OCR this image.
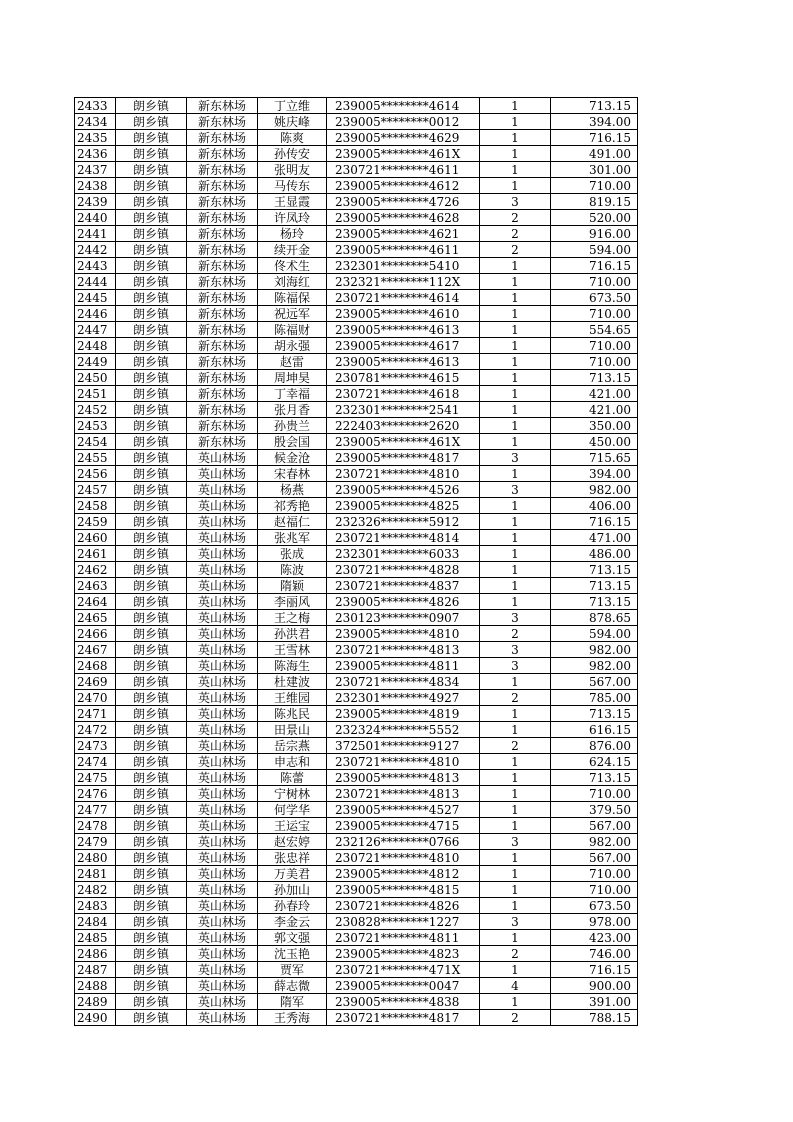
2433	朗乡镇	新东林场	丁立维	239005********4614	1	713.15
2434	朗乡镇	新东林场	姚庆峰	239005********0012	1	394.00
2435	朗乡镇	新东林场	陈爽	239005********4629	1	716.15
2436	朗乡镇	新东林场	孙传安	239005********461X	1	491.00
2437	朗乡镇	新东林场	张明友	230721********4611	1	301.00
2438	朗乡镇	新东林场	马传东	239005********4612	1	710.00
2439	朗乡镇	新东林场	王显霞	239005********4726	3	819.15
2440	朗乡镇	新东林场	许凤玲	239005********4628	2	520.00
2441	朗乡镇	新东林场	杨玲	239005********4621	2	916.00
2442	朗乡镇	新东林场	续开金	239005********4611	2	594.00
2443	朗乡镇	新东林场	佟术生	232301********5410	1	716.15
2444	朗乡镇	新东林场	刘海红	232321********112X	1	710.00
2445	朗乡镇	新东林场	陈福保	230721********4614	1	673.50
2446	朗乡镇	新东林场	祝远军	239005********4610	1	710.00
2447	朗乡镇	新东林场	陈福财	239005********4613	1	554.65
2448	朗乡镇	新东林场	胡永强	239005********4617	1	710.00
2449	朗乡镇	新东林场	赵雷	239005********4613	1	710.00
2450	朗乡镇	新东林场	周坤昊	230781********4615	1	713.15
2451	朗乡镇	新东林场	丁幸福	230721********4618	1	421.00
2452	朗乡镇	新东林场	张月香	232301********2541	1	421.00
2453	朗乡镇	新东林场	孙贵兰	222403********2620	1	350.00
2454	朗乡镇	新东林场	殷会国	239005********461X	1	450.00
2455	朗乡镇	英山林场	候金沧	239005********4817	3	715.65
2456	朗乡镇	英山林场	宋春林	230721********4810	1	394.00
2457	朗乡镇	英山林场	杨燕	239005********4526	3	982.00
2458	朗乡镇	英山林场	祁秀艳	239005********4825	1	406.00
2459	朗乡镇	英山林场	赵福仁	232326********5912	1	716.15
2460	朗乡镇	英山林场	张兆军	230721********4814	1	471.00
2461	朗乡镇	英山林场	张成	232301********6033	1	486.00
2462	朗乡镇	英山林场	陈波	230721********4828	1	713.15
2463	朗乡镇	英山林场	隋颖	230721********4837	1	713.15
2464	朗乡镇	英山林场	李丽风	239005********4826	1	713.15
2465	朗乡镇	英山林场	王之梅	230123********0907	3	878.65
2466	朗乡镇	英山林场	孙洪君	239005********4810	2	594.00
2467	朗乡镇	英山林场	王雪林	230721********4813	3	982.00
2468	朗乡镇	英山林场	陈海生	239005********4811	3	982.00
2469	朗乡镇	英山林场	杜建波	230721********4834	1	567.00
2470	朗乡镇	英山林场	王维园	232301********4927	2	785.00
2471	朗乡镇	英山林场	陈兆民	239005********4819	1	713.15
2472	朗乡镇	英山林场	田景山	232324********5552	1	616.15
2473	朗乡镇	英山林场	岳宗燕	372501********9127	2	876.00
2474	朗乡镇	英山林场	申志和	230721********4810	1	624.15
2475	朗乡镇	英山林场	陈蕾	239005********4813	1	713.15
2476	朗乡镇	英山林场	宁树林	230721********4813	1	710.00
2477	朗乡镇	英山林场	何学华	239005********4527	1	379.50
2478	朗乡镇	英山林场	王运宝	239005********4715	1	567.00
2479	朗乡镇	英山林场	赵宏婷	232126********0766	3	982.00
2480	朗乡镇	英山林场	张忠祥	230721********4810	1	567.00
2481	朗乡镇	英山林场	万美君	239005********4812	1	710.00
2482	朗乡镇	英山林场	孙加山	239005********4815	1	710.00
2483	朗乡镇	英山林场	孙春玲	230721********4826	1	673.50
2484	朗乡镇	英山林场	李金云	230828********1227	3	978.00
2485	朗乡镇	英山林场	郭文强	230721********4811	1	423.00
2486	朗乡镇	英山林场	沈玉艳	239005********4823	2	746.00
2487	朗乡镇	英山林场	贾军	230721********471X	1	716.15
2488	朗乡镇	英山林场	薛志微	239005********0047	4	900.00
2489	朗乡镇	英山林场	隋军	239005********4838	1	391.00
2490	朗乡镇	英山林场	王秀海	230721********4817	2	788.15
